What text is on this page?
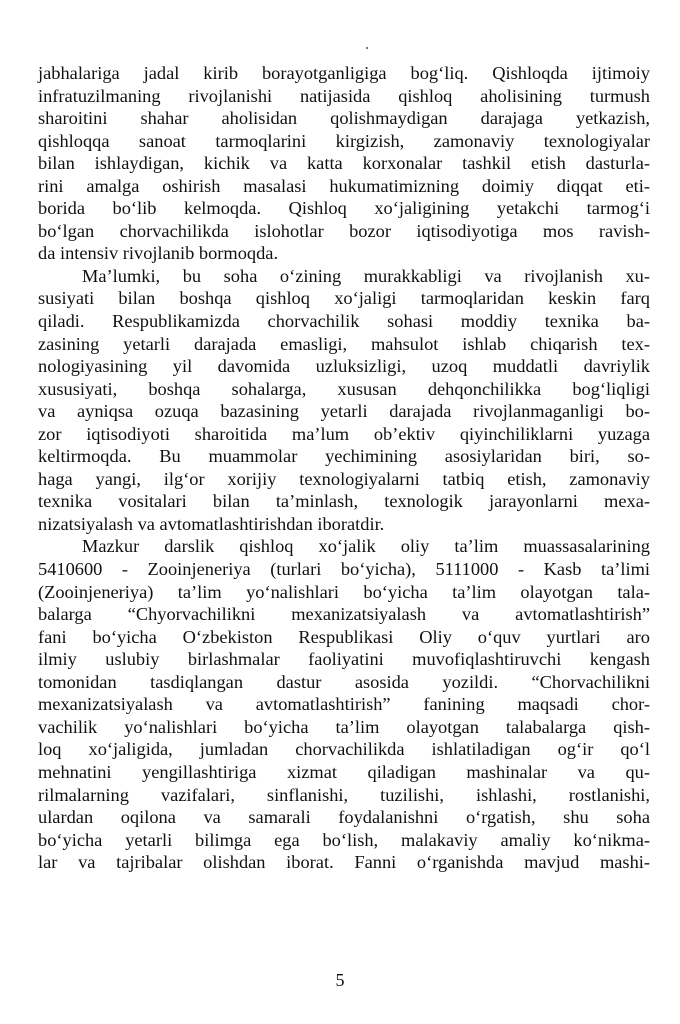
jabhalariga jadal kirib borayotganligiga bog‘liq. Qishloqda ijtimoiy
infratuzilmaning rivojlanishi natijasida qishloq aholisining turmush
sharoitini shahar aholisidan qolishmaydigan darajaga yetkazish,
qishloqqa sanoat tarmoqlarini kirgizish, zamonaviy texnologiyalar
bilan ishlaydigan, kichik va katta korxonalar tashkil etish dasturla-
rini amalga oshirish masalasi hukumatimizning doimiy diqqat eti-
borida bo‘lib kelmoqda. Qishloq xo‘jaligining yetakchi tarmog‘i
bo‘lgan chorvachilikda islohotlar bozor iqtisodiyotiga mos ravish-
da intensiv rivojlanib bormoqda.
Ma’lumki, bu soha o‘zining murakkabligi va rivojlanish xu-
susiyati bilan boshqa qishloq xo‘jaligi tarmoqlaridan keskin farq
qiladi. Respublikamizda chorvachilik sohasi moddiy texnika ba-
zasining yetarli darajada emasligi, mahsulot ishlab chiqarish tex-
nologiyasining yil davomida uzluksizligi, uzoq muddatli davriylik
xususiyati, boshqa sohalarga, xususan dehqonchilikka bog‘liqligi
va ayniqsa ozuqa bazasining yetarli darajada rivojlanmaganligi bo-
zor iqtisodiyoti sharoitida ma’lum ob’ektiv qiyinchiliklarni yuzaga
keltirmoqda. Bu muammolar yechimining asosiylaridan biri, so-
haga yangi, ilg‘or xorijiy texnologiyalarni tatbiq etish, zamonaviy
texnika vositalari bilan ta’minlash, texnologik jarayonlarni mexa-
nizatsiyalash va avtomatlashtirishdan iboratdir.
Mazkur darslik qishloq xo‘jalik oliy ta’lim muassasalarining
5410600 - Zooinjeneriya (turlari bo‘yicha), 5111000 - Kasb ta’limi
(Zooinjeneriya) ta’lim yo‘nalishlari bo‘yicha ta’lim olayotgan tala-
balarga “Chyorvachilikni mexanizatsiyalash va avtomatlashtirish”
fani bo‘yicha O‘zbekiston Respublikasi Oliy o‘quv yurtlari aro
ilmiy uslubiy birlashmalar faoliyatini muvofiqlashtiruvchi kengash
tomonidan tasdiqlangan dastur asosida yozildi. “Chorvachilikni
mexanizatsiyalash va avtomatlashtirish” fanining maqsadi chor-
vachilik yo‘nalishlari bo‘yicha ta’lim olayotgan talabalarga qish-
loq xo‘jaligida, jumladan chorvachilikda ishlatiladigan og‘ir qo‘l
mehnatini yengillashtiriga xizmat qiladigan mashinalar va qu-
rilmalarning vazifalari, sinflanishi, tuzilishi, ishlashi, rostlanishi,
ulardan oqilona va samarali foydalanishni o‘rgatish, shu soha
bo‘yicha yetarli bilimga ega bo‘lish, malakaviy amaliy ko‘nikma-
lar va tajribalar olishdan iborat. Fanni o‘rganishda mavjud mashi-
5
